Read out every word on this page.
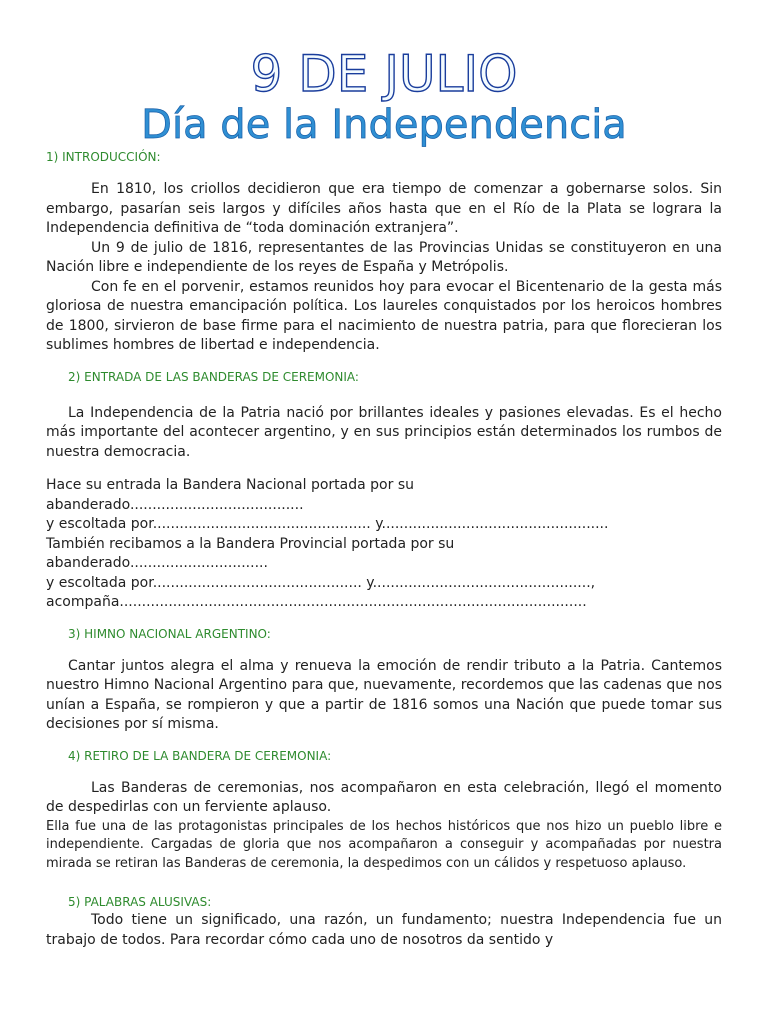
9 DE JULIO
Día de la Independencia
1) INTRODUCCIÓN:

En 1810, los criollos decidieron que era tiempo de comenzar a gobernarse solos. Sin embargo, pasarían seis largos y difíciles años hasta que en el Río de la Plata se lograra la Independencia definitiva de “toda dominación extranjera”.

Un 9 de julio de 1816, representantes de las Provincias Unidas se constituyeron en una Nación libre e independiente de los reyes de España y Metrópolis.

Con fe en el porvenir, estamos reunidos hoy para evocar el Bicentenario de la gesta más gloriosa de nuestra emancipación política. Los laureles conquistados por los heroicos hombres de 1800, sirvieron de base firme para el nacimiento de nuestra patria, para que florecieran los sublimes hombres de libertad e independencia.

2) ENTRADA DE LAS BANDERAS DE CEREMONIA:

La Independencia de la Patria nació por brillantes ideales y pasiones elevadas. Es el hecho más importante del acontecer argentino, y en sus principios están determinados los rumbos de nuestra democracia.

Hace su entrada la Bandera Nacional portada por su

abanderado.......................................

y escoltada por................................................. y...................................................

También recibamos a la Bandera Provincial portada por su

abanderado...............................

y escoltada por............................................... y.................................................,

acompaña.........................................................................................................

3) HIMNO NACIONAL ARGENTINO:

Cantar juntos alegra el alma y renueva la emoción de rendir tributo a la Patria. Cantemos nuestro Himno Nacional Argentino para que, nuevamente, recordemos que las cadenas que nos unían a España, se rompieron y que a partir de 1816 somos una Nación que puede tomar sus decisiones por sí misma.

4) RETIRO DE LA BANDERA DE CEREMONIA:

Las Banderas de ceremonias, nos acompañaron en esta celebración, llegó el momento de despedirlas con un ferviente aplauso.

Ella fue una de las protagonistas principales de los hechos históricos que nos hizo un pueblo libre e independiente. Cargadas de gloria que nos acompañaron a conseguir y acompañadas por nuestra mirada se retiran las Banderas de ceremonia, la despedimos con un cálidos y respetuoso aplauso.

5) PALABRAS ALUSIVAS:

Todo tiene un significado, una razón, un fundamento; nuestra Independencia fue un trabajo de todos. Para recordar cómo cada uno de nosotros da sentido y
